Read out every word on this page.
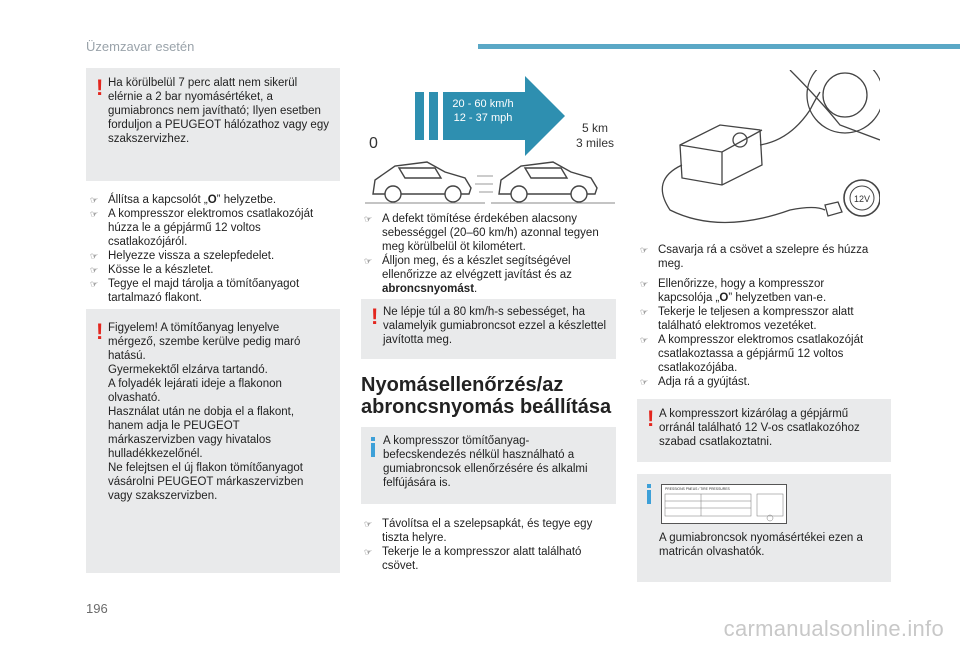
Üzemzavar esetén
! Ha körülbelül 7 perc alatt nem sikerül elérnie a 2 bar nyomásértéket, a gumiabroncs nem javítható; Ilyen esetben forduljon a PEUGEOT hálózathoz vagy egy szakszervizhez.

☞ Állítsa a kapcsolót „O” helyzetbe.
☞ A kompresszor elektromos csatlakozóját húzza le a gépjármű 12 voltos csatlakozójáról.
☞ Helyezze vissza a szelepfedelet.
☞ Kösse le a készletet.
☞ Tegye el majd tárolja a tömítőanyagot tartalmazó flakont.
! Figyelem! A tömítőanyag lenyelve mérgező, szembe kerülve pedig maró hatású.

Gyermekektől elzárva tartandó.

A folyadék lejárati ideje a flakonon olvasható.

Használat után ne dobja el a flakont, hanem adja le PEUGEOT márkaszervizben vagy hivatalos hulladékkezelőnél.

Ne felejtsen el új flakon tömítőanyagot vásárolni PEUGEOT márkaszervizben vagy szakszervizben.

20 - 60 km/h
12 - 37 mph
0
5 km
3 miles
☞ A defekt tömítése érdekében alacsony sebességgel (20–60 km/h) azonnal tegyen meg körülbelül öt kilométert.
☞ Álljon meg, és a készlet segítségével ellenőrizze az elvégzett javítást és az abroncsnyomást.
! Ne lépje túl a 80 km/h-s sebességet, ha valamelyik gumiabroncsot ezzel a készlettel javította meg.

Nyomásellenőrzés/az
abroncsnyomás beállítása

A kompresszor tömítőanyag-befecskendezés nélkül használható a gumiabroncsok ellenőrzésére és alkalmi felfújására is.

☞ Távolítsa el a szelepsapkát, és tegye egy tiszta helyre.
☞ Tekerje le a kompresszor alatt található csövet.
12V
☞ Csavarja rá a csövet a szelepre és húzza meg.
☞ Ellenőrizze, hogy a kompresszor kapcsolója „O” helyzetben van-e.
☞ Tekerje le teljesen a kompresszor alatt található elektromos vezetéket.
☞ A kompresszor elektromos csatlakozóját csatlakoztassa a gépjármű 12 voltos csatlakozójába.
☞ Adja rá a gyújtást.
! A kompresszort kizárólag a gépjármű orránál található 12 V-os csatlakozóhoz szabad csatlakoztatni.

PRESSIONS PNEUS / TIRE PRESSURES

A gumiabroncsok nyomásértékei ezen a matricán olvashatók.

196
carmanualsonline.info
